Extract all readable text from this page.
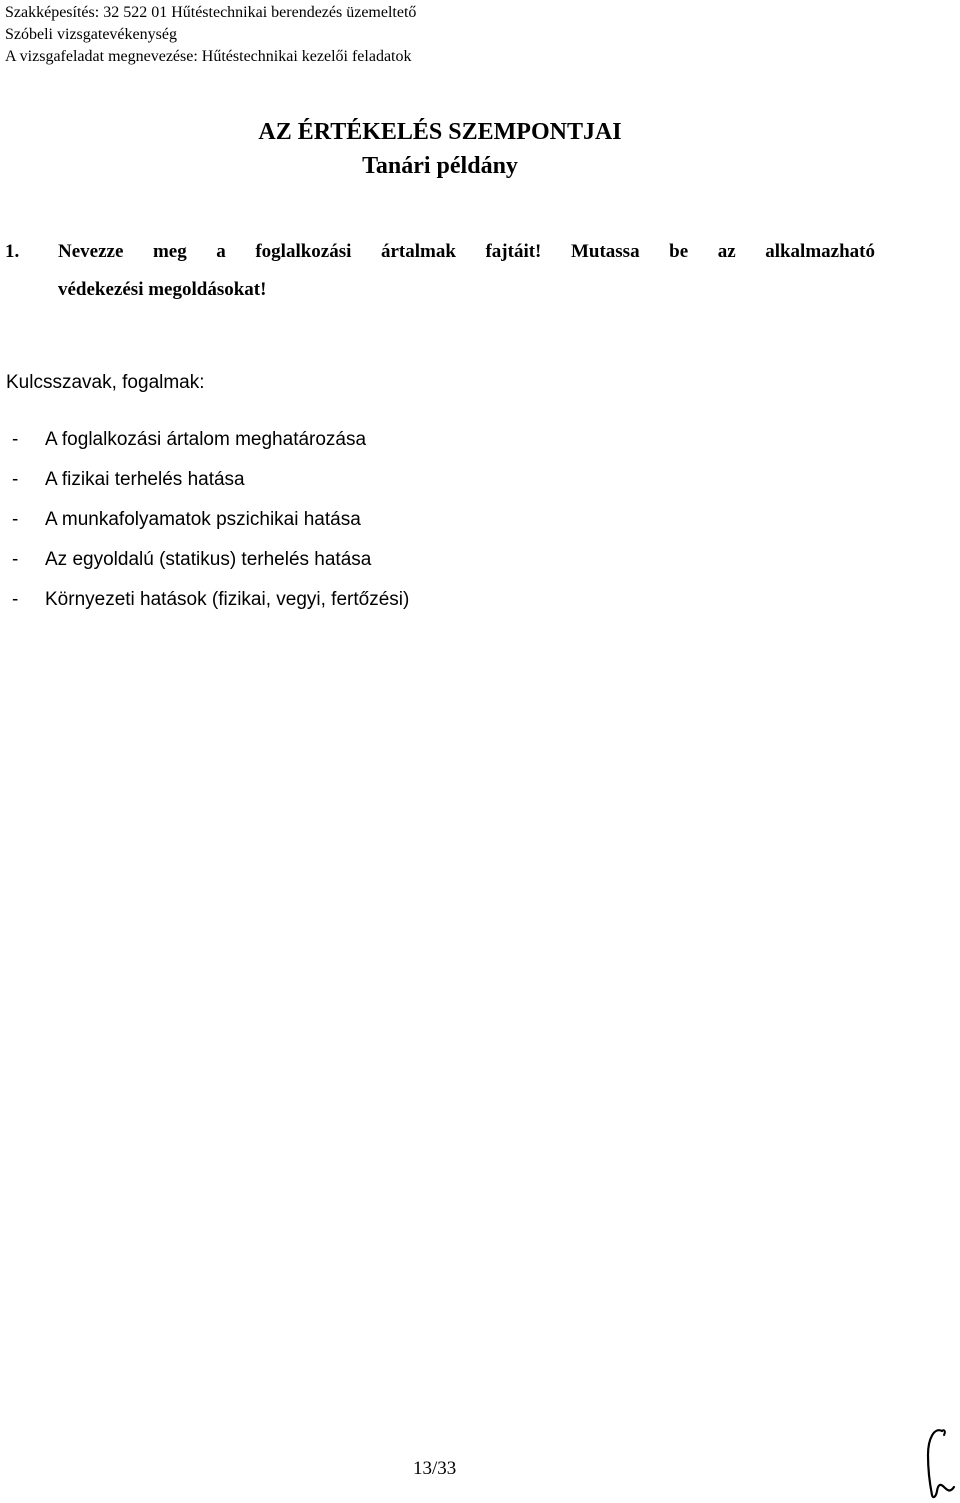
Szakképesítés: 32 522 01 Hűtéstechnikai berendezés üzemeltető
Szóbeli vizsgatevékenység
A vizsgafeladat megnevezése: Hűtéstechnikai kezelői feladatok
AZ ÉRTÉKELÉS SZEMPONTJAI
Tanári példány
1. Nevezze meg a foglalkozási ártalmak fajtáit! Mutassa be az alkalmazható
védekezési megoldásokat!
Kulcsszavak, fogalmak:
- A foglalkozási ártalom meghatározása
- A fizikai terhelés hatása
- A munkafolyamatok pszichikai hatása
- Az egyoldalú (statikus) terhelés hatása
- Környezeti hatások (fizikai, vegyi, fertőzési)
13/33
